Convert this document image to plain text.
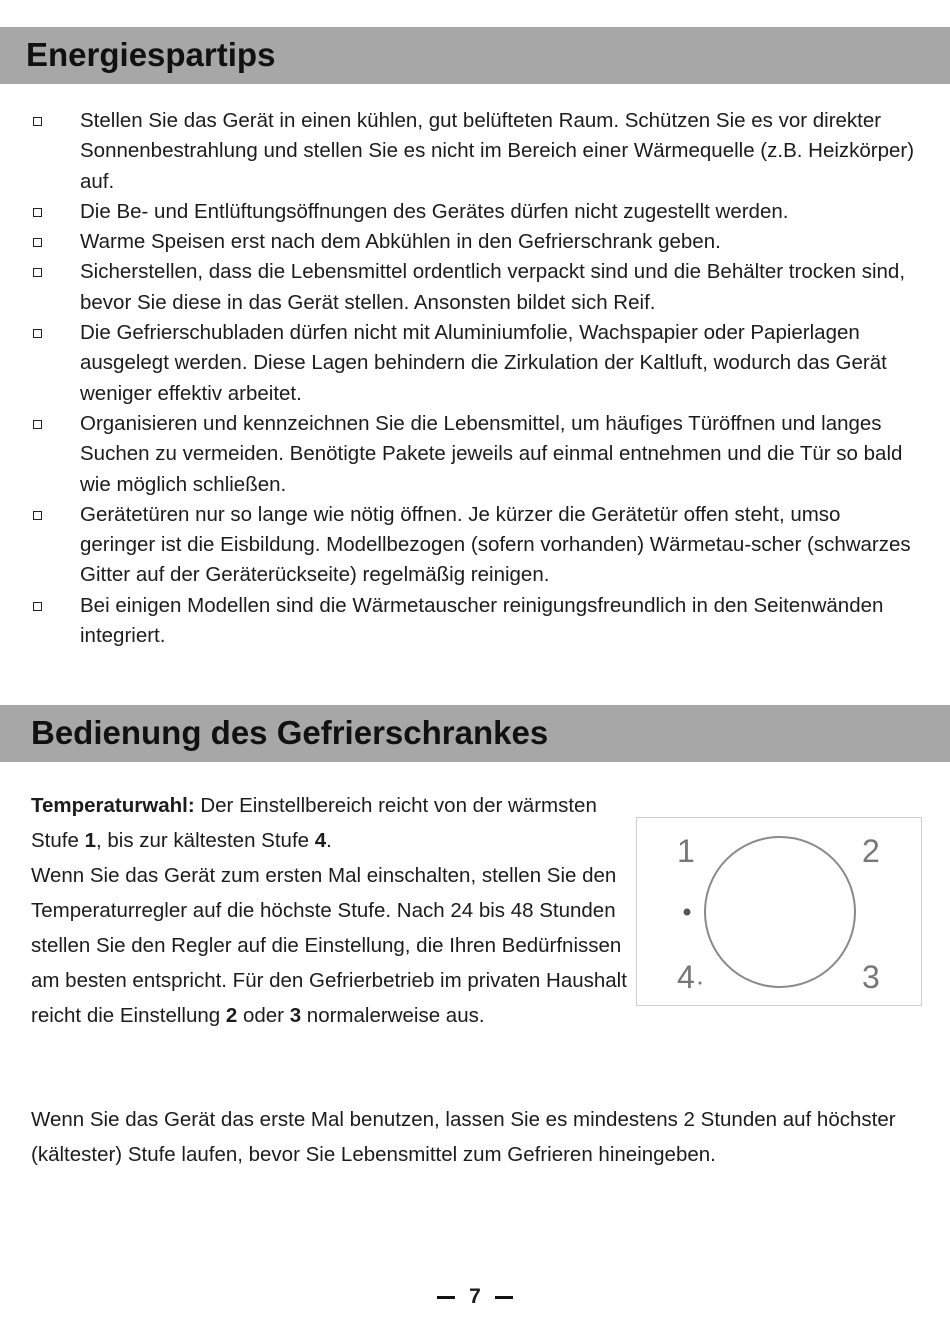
Energiespartips
Stellen Sie das Gerät in einen kühlen, gut belüfteten Raum. Schützen Sie es vor direkter Sonnenbestrahlung und stellen Sie es nicht im Bereich einer Wärmequelle (z.B. Heizkörper) auf.
Die Be- und Entlüftungsöffnungen des Gerätes dürfen nicht zugestellt werden.
Warme Speisen erst nach dem Abkühlen in den Gefrierschrank geben.
Sicherstellen, dass die Lebensmittel ordentlich verpackt sind und die Behälter trocken sind, bevor Sie diese in das Gerät stellen. Ansonsten bildet sich Reif.
Die Gefrierschubladen dürfen nicht mit Aluminiumfolie, Wachspapier oder Papierlagen ausgelegt werden. Diese Lagen behindern die Zirkulation der Kaltluft, wodurch das Gerät weniger effektiv arbeitet.
Organisieren und kennzeichnen Sie die Lebensmittel, um häufiges Türöffnen und langes Suchen zu vermeiden. Benötigte Pakete jeweils auf einmal entnehmen und die Tür so bald wie möglich schließen.
Gerätetüren nur so lange wie nötig öffnen. Je kürzer die Gerätetür offen steht, umso geringer ist die Eisbildung. Modellbezogen (sofern vorhanden) Wärmetau-scher (schwarzes Gitter auf der Geräterückseite) regelmäßig reinigen.
Bei einigen Modellen sind die Wärmetauscher reinigungsfreundlich in den Seitenwänden integriert.
Bedienung des Gefrierschrankes
Temperaturwahl: Der Einstellbereich reicht von der wärmsten Stufe 1, bis zur kältesten Stufe 4.
Wenn Sie das Gerät zum ersten Mal einschalten, stellen Sie den Temperaturregler auf die höchste Stufe. Nach 24 bis 48 Stunden stellen Sie den Regler auf die Einstellung, die Ihren Bedürfnissen am besten entspricht. Für den Gefrierbetrieb im privaten Haushalt reicht die Einstellung 2 oder 3 normalerweise aus.
1	2
3
4
Wenn Sie das Gerät das erste Mal benutzen, lassen Sie es mindestens 2 Stunden auf höchster (kältester) Stufe laufen, bevor Sie Lebensmittel zum Gefrieren hineingeben.
7
